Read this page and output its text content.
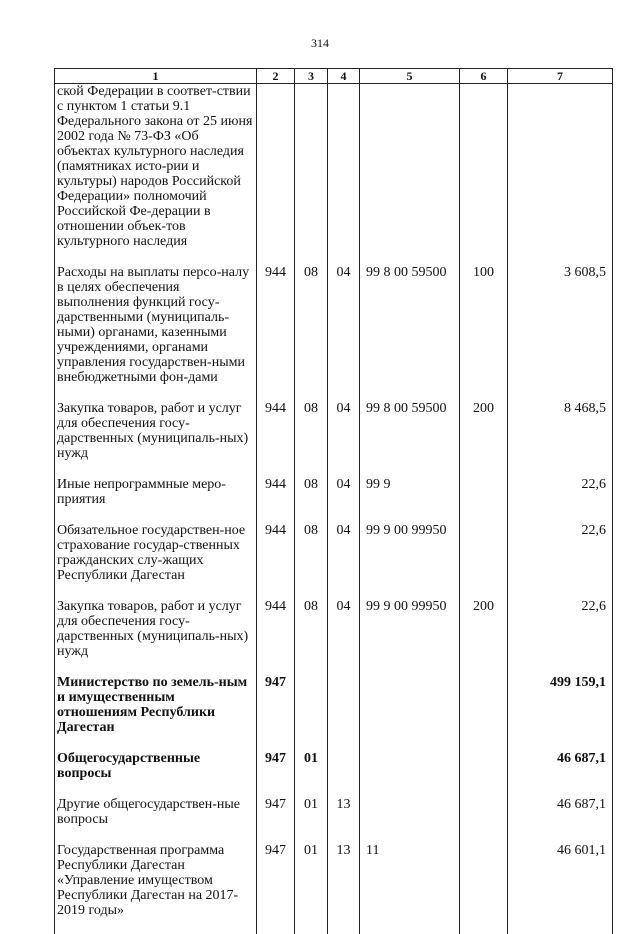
314
1	2	3	4	5	6	7
ской Федерации в соответ-ствии с пунктом 1 статьи 9.1 Федерального закона от 25 июня 2002 года № 73-ФЗ «Об объектах культурного наследия (памятниках исто-рии и культуры) народов Российской Федерации» полномочий Российской Фе-дерации в отношении объек-тов культурного наследия						

Расходы на выплаты персо-налу в целях обеспечения выполнения функций госу-дарственными (муниципаль-ными) органами, казенными учреждениями, органами управления государствен-ными внебюджетными фон-дами	944	08	04	99 8 00 59500	100	3 608,5

Закупка товаров, работ и услуг для обеспечения госу-дарственных (муниципаль-ных) нужд	944	08	04	99 8 00 59500	200	8 468,5

Иные непрограммные меро-приятия	944	08	04	99 9		22,6

Обязательное государствен-ное страхование государ-ственных гражданских слу-жащих Республики Дагестан	944	08	04	99 9 00 99950		22,6

Закупка товаров, работ и услуг для обеспечения госу-дарственных (муниципаль-ных) нужд	944	08	04	99 9 00 99950	200	22,6

Министерство по земель-ным и имущественным отношениям Республики Дагестан	947					499 159,1

Общегосударственные вопросы	947	01				46 687,1

Другие общегосударствен-ные вопросы	947	01	13			46 687,1

Государственная программа Республики Дагестан «Управление имуществом Республики Дагестан на 2017-2019 годы»	947	01	13	11		46 601,1
